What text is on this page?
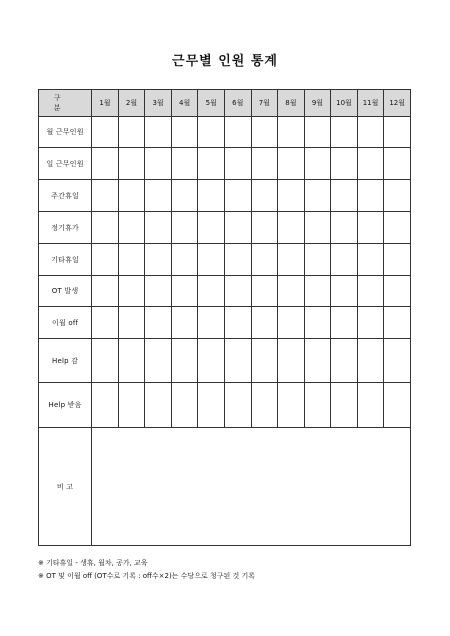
근무별 인원 통계
구 분	1월	2월	3월	4월	5월	6월	7월	8월	9월	10월	11월	12월
월 근무인원												
일 근무인원												
주간휴일												
정기휴가												
기타휴일												
OT 발생												
이월 off												
Help 감												
Help 받음												
비 고												
※ 기타휴일 - 생휴, 월차, 공가, 교육
※ OT 및 이월 off (OT수로 기록 : off수×2)는 수당으로 청구된 것 기록
